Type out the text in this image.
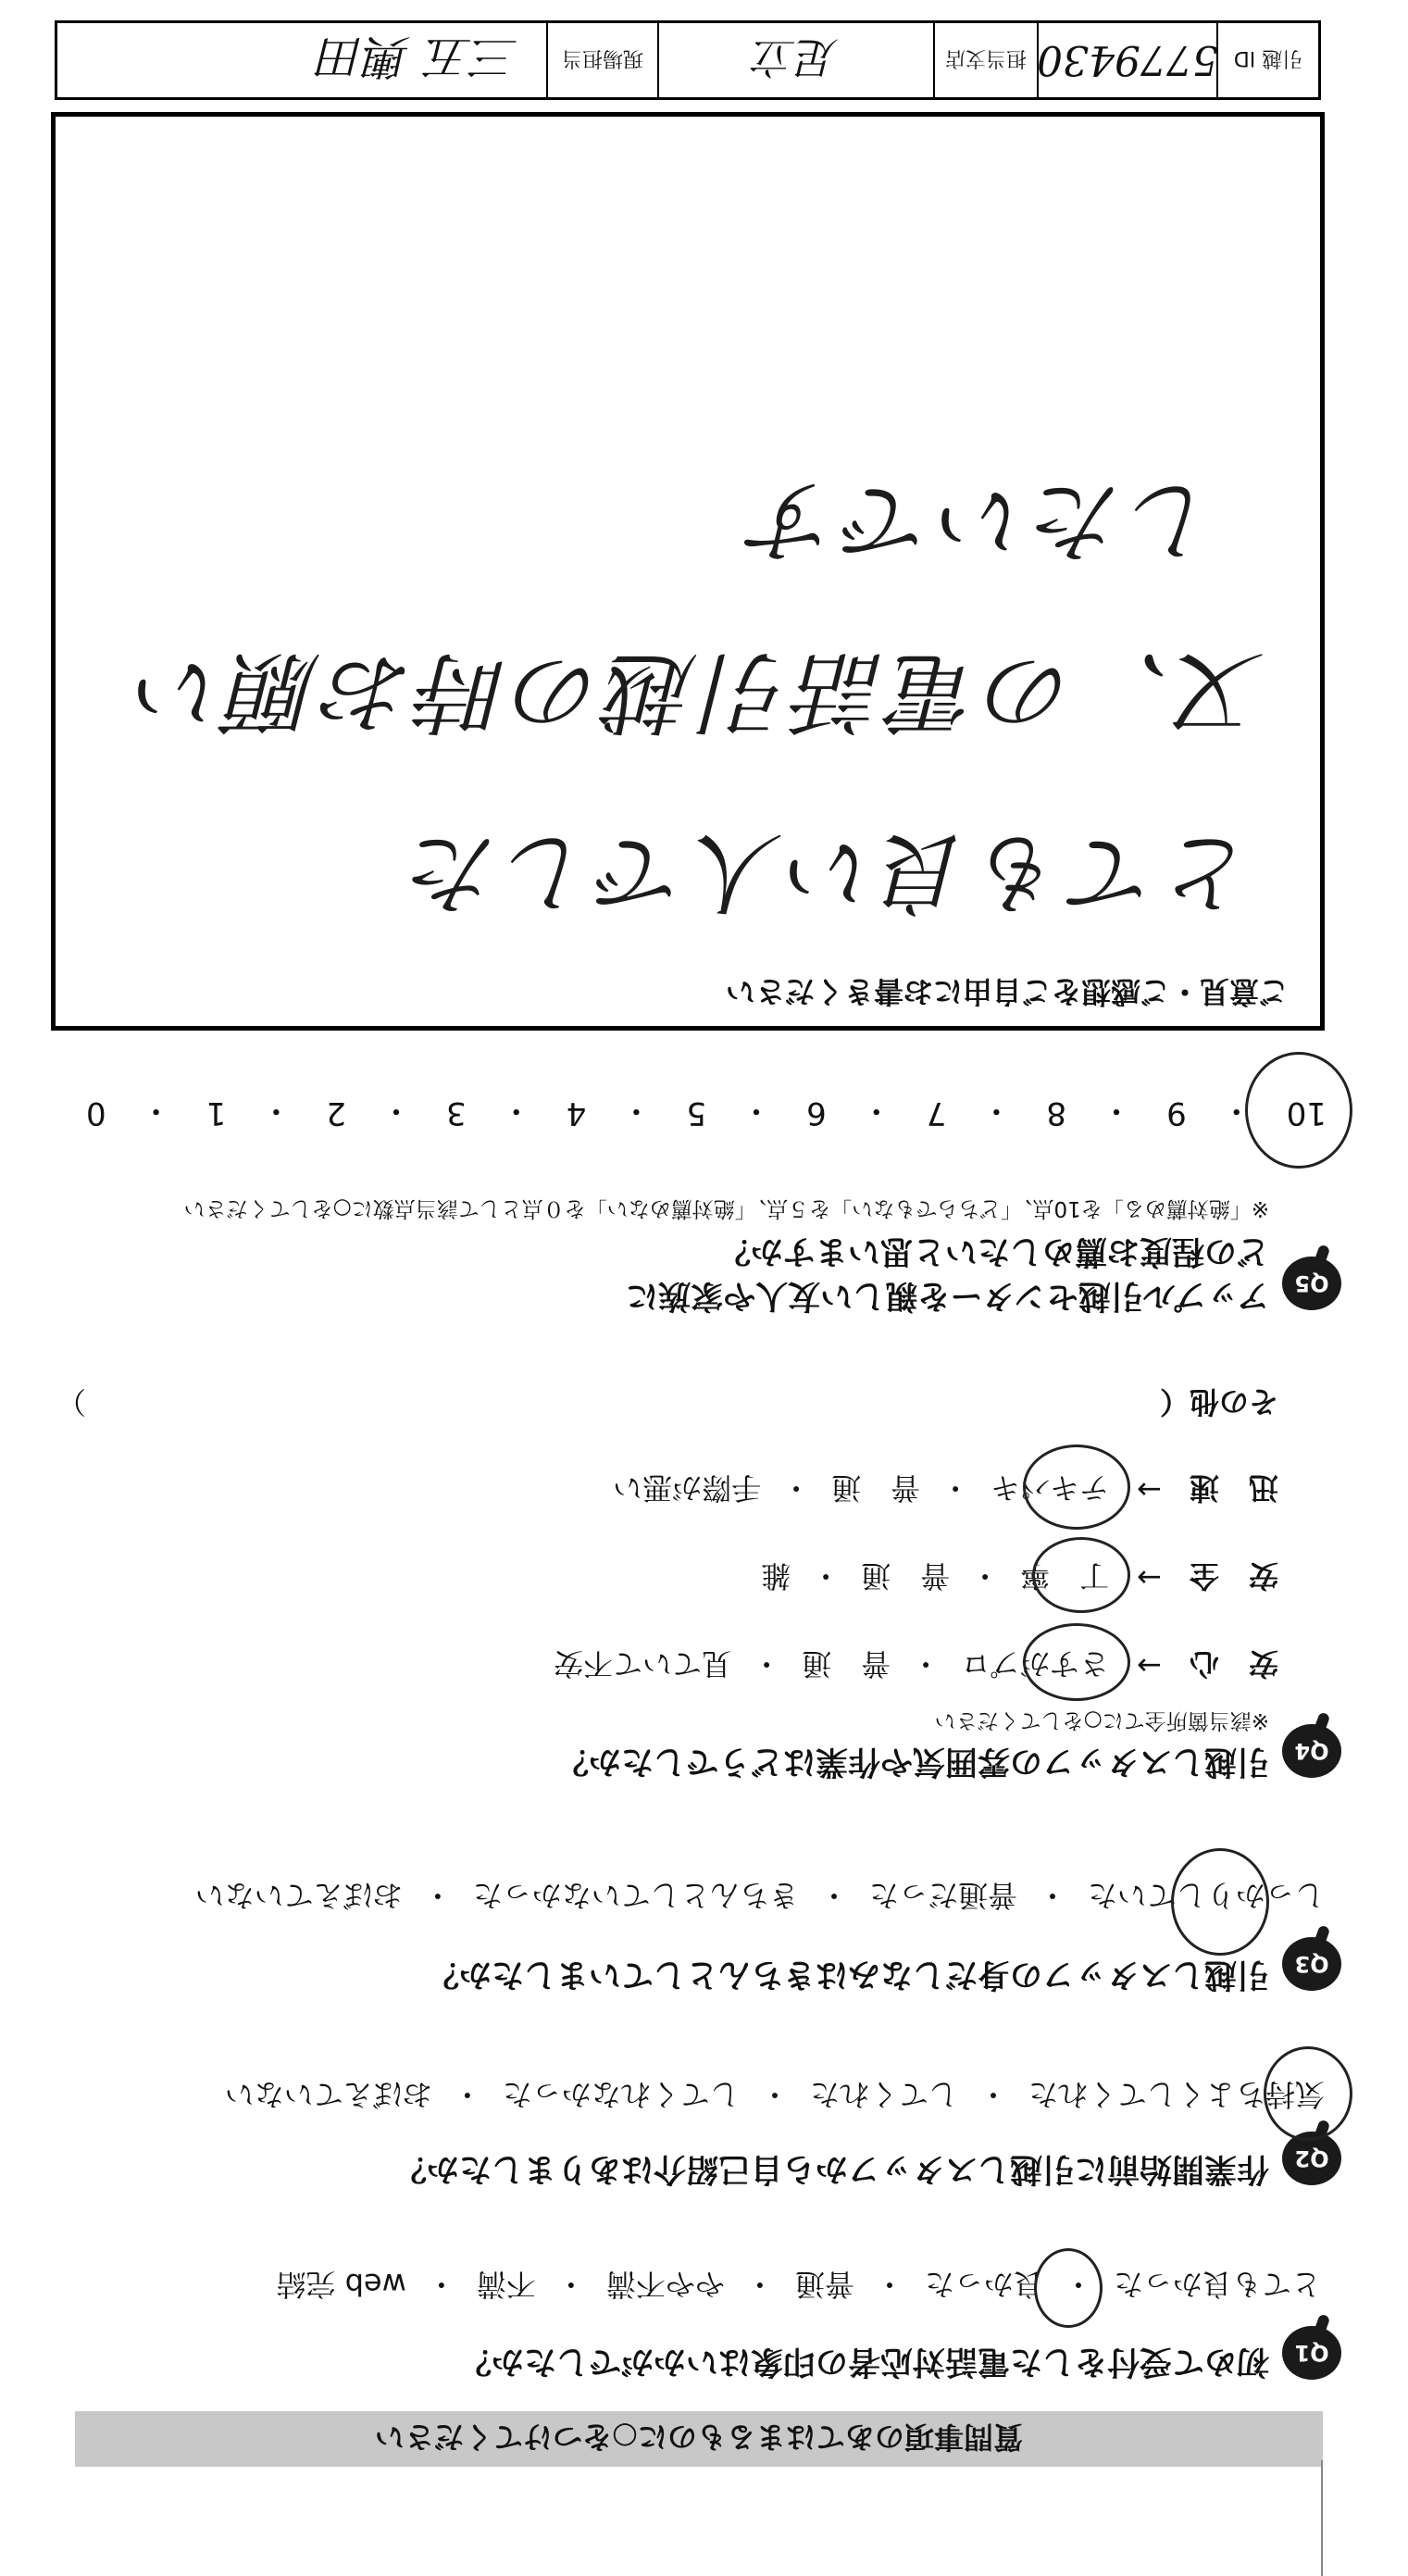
引越 ID
5779430
担当支店
足立
現場担当
三五 輿田
ご意見・ご感想をご自由にお書きください
とても良い人でした
又、の電話引越の時お願い
したいです
Q5
アップル引越センターを親しい友人や家族に
どの程度お薦めしたいと思いますか？
※「絶対薦める」を10点、「どちらでもない」を５点、「絶対薦めない」を０点として該当点数に○をしてください
10
・
9
・
8
・
7
・
6
・
5
・
4
・
3
・
2
・
1
・
0
Q4
引越しスタッフの雰囲気や作業はどうでしたか？
※該当箇所全てに○をしてください
安　心
→
さすがプロ
・
普　通
・
見ていて不安
安　全
→
丁　寧
・
普　通
・
雑
迅　速
→
テキパキ
・
普　通
・
手際が悪い
その他（
）
Q3
引越しスタッフの身だしなみはきちんとしていましたか？
しっかりしていた
・
普通だった
・
きちんとしていなかった
・
おぼえていない
Q2
作業開始前に引越しスタッフから自己紹介はありましたか？
気持ちよくしてくれた
・
してくれた
・
してくれなかった
・
おぼえていない
Q1
初めて受付をした電話対応者の印象はいかがでしたか？
とても良かった
・
良かった
・
普通
・
やや不満
・
不満
・
web 完結
質問事項のあてはまるものに○をつけてください
